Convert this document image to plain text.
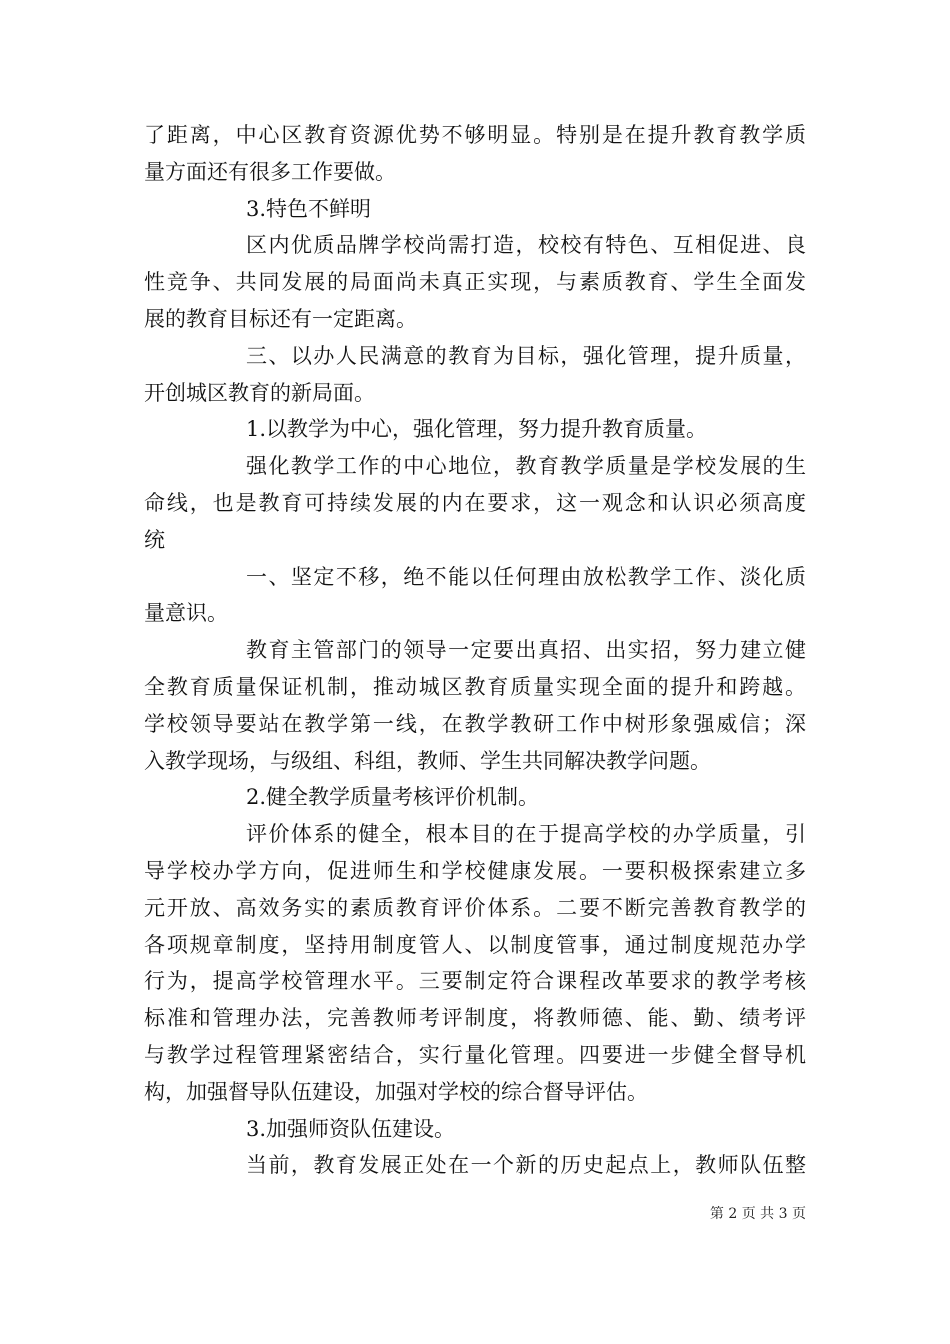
了距离，中心区教育资源优势不够明显。特别是在提升教育教学质
量方面还有很多工作要做。
3.特色不鲜明
区内优质品牌学校尚需打造，校校有特色、互相促进、良
性竞争、共同发展的局面尚未真正实现，与素质教育、学生全面发
展的教育目标还有一定距离。
三、以办人民满意的教育为目标，强化管理，提升质量，
开创城区教育的新局面。
1.以教学为中心，强化管理，努力提升教育质量。
强化教学工作的中心地位，教育教学质量是学校发展的生
命线，也是教育可持续发展的内在要求，这一观念和认识必须高度
统
一、坚定不移，绝不能以任何理由放松教学工作、淡化质
量意识。
教育主管部门的领导一定要出真招、出实招，努力建立健
全教育质量保证机制，推动城区教育质量实现全面的提升和跨越。
学校领导要站在教学第一线，在教学教研工作中树形象强威信；深
入教学现场，与级组、科组，教师、学生共同解决教学问题。
2.健全教学质量考核评价机制。
评价体系的健全，根本目的在于提高学校的办学质量，引
导学校办学方向，促进师生和学校健康发展。一要积极探索建立多
元开放、高效务实的素质教育评价体系。二要不断完善教育教学的
各项规章制度，坚持用制度管人、以制度管事，通过制度规范办学
行为，提高学校管理水平。三要制定符合课程改革要求的教学考核
标准和管理办法，完善教师考评制度，将教师德、能、勤、绩考评
与教学过程管理紧密结合，实行量化管理。四要进一步健全督导机
构，加强督导队伍建设，加强对学校的综合督导评估。
3.加强师资队伍建设。
当前，教育发展正处在一个新的历史起点上，教师队伍整
第 2 页 共 3 页
